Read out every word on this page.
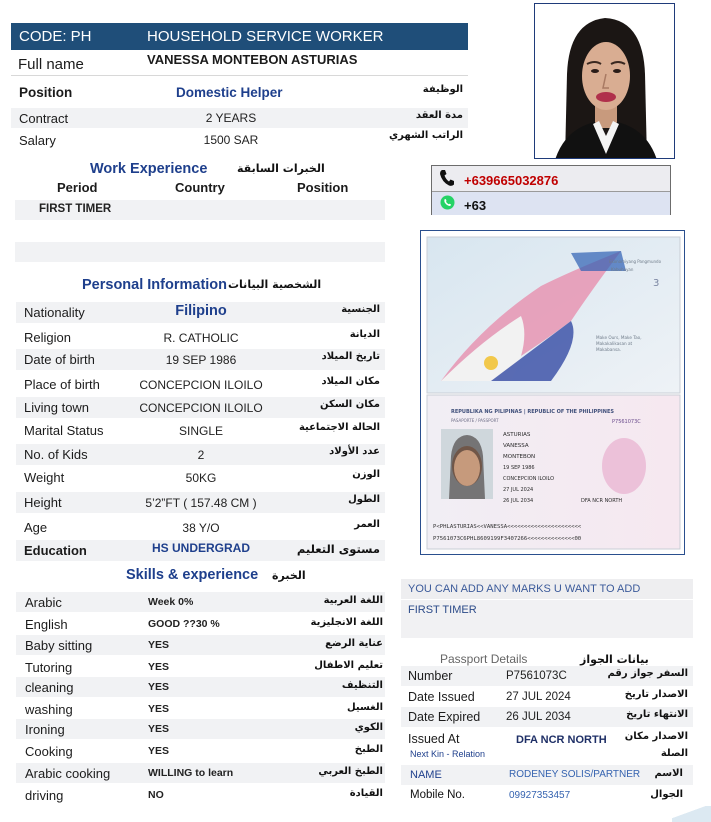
CODE: PH	HOUSEHOLD SERVICE WORKER
Full name	VANESSA MONTEBON ASTURIAS
Position	Domestic Helper	الوظيفة
Contract	2 YEARS	مدة العقد
Salary	1500 SAR	الراتب الشهري
Work Experience	الخبرات السابقة
Period	Country	Position
FIRST TIMER
+639665032876
+63
Ekonomiyang Pangmundo
Kabuhayan
3
Make Ours, Make Tao,
Makakalikasan at
Makabansa.
REPUBLIKA NG PILIPINAS | REPUBLIC OF THE PHILIPPINES
PASAPORTE / PASSPORT	P7561073C
ASTURIAS
VANESSA
MONTEBON
19 SEP 1986
CONCEPCION ILOILO
27 JUL 2024
26 JUL 2034	DFA NCR NORTH
P<PHLASTURIAS<<VANESSA<<<<<<<<<<<<<<<<<<<<<<
P7561073C6PHL8609199F3407266<<<<<<<<<<<<<<00
Personal Information الشخصية البيانات
Nationality	Filipino	الجنسية
Religion	R. CATHOLIC	الديانة
Date of birth	19 SEP 1986	تاريخ الميلاد
Place of birth	CONCEPCION ILOILO	مكان الميلاد
Living town	CONCEPCION ILOILO	مكان السكن
Marital Status	SINGLE	الحالة الاجتماعية
No. of Kids	2	عدد الأولاد
Weight	50KG	الوزن
Height	5’2”FT ( 157.48 CM )	الطول
Age	38 Y/O	العمر
Education	HS UNDERGRAD	مستوى التعليم
Skills & experience الخبرة
Arabic	Week 0%	اللغة العربية
English	GOOD ??30 %	اللغة الانجليزية
Baby sitting	YES	عناية الرضع
Tutoring	YES	تعليم الاطفال
cleaning	YES	التنظيف
washing	YES	الغسيل
Ironing	YES	الكوي
Cooking	YES	الطبخ
Arabic cooking	WILLING to learn	الطبخ العربي
driving	NO	القيادة
YOU CAN ADD ANY MARKS U WANT TO ADD
FIRST TIMER
Passport Details	بيانات الجواز
Number	P7561073C	السفر جواز رقم
Date Issued	27 JUL 2024	الاصدار تاريخ
Date Expired 26 JUL 2034	الانتهاء تاريخ
Issued At	DFA NCR NORTH الاصدار مكان
Next Kin - Relation	الصلة
NAME	RODENEY SOLIS/PARTNER الاسم
Mobile No.	09927353457	الجوال
